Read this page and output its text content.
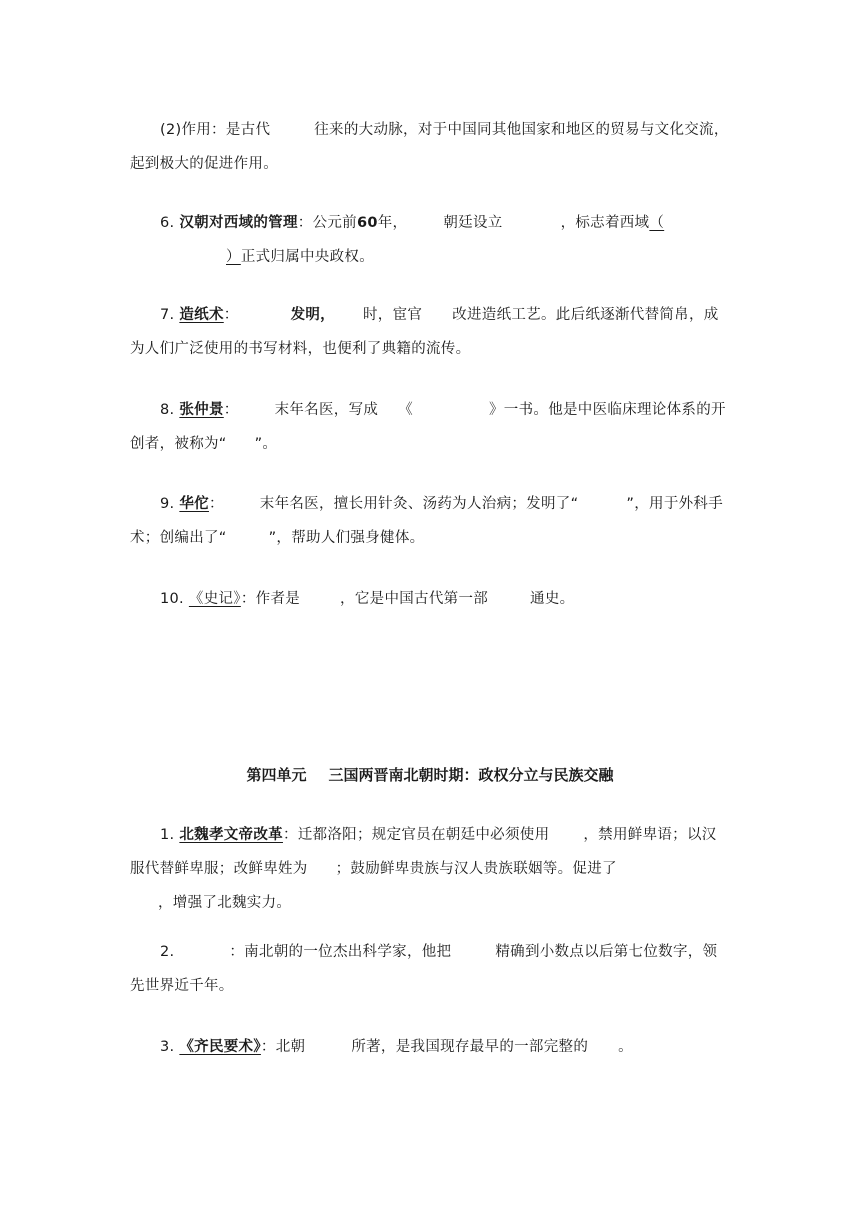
(2)作用：是古代	往来的大动脉，对于中国同其他国家和地区的贸易与文化交流，起到极大的促进作用。
6. 汉朝对西域的管理：公元前60年， 朝廷设立	，标志着西域（
）正式归属中央政权。
7. 造纸术：	发明， 时，宦官 改进造纸工艺。此后纸逐渐代替简帛，成为人们广泛使用的书写材料，也便利了典籍的流传。
8. 张仲景： 末年名医，写成 《	》一书。他是中医临床理论体系的开创者，被称为“ ”。
9. 华佗： 末年名医，擅长用针灸、汤药为人治病；发明了“	”，用于外科手术；创编出了“	”，帮助人们强身健体。
10. 《史记》：作者是	，它是中国古代第一部	通史。
第四单元 三国两晋南北朝时期：政权分立与民族交融
1. 北魏孝文帝改革：迁都洛阳；规定官员在朝廷中必须使用 ，禁用鲜卑语；以汉服代替鲜卑服；改鲜卑姓为 ；鼓励鲜卑贵族与汉人贵族联姻等。促进了
，增强了北魏实力。
2.	：南北朝的一位杰出科学家，他把	精确到小数点以后第七位数字，领先世界近千年。
3. 《齐民要术》：北朝	所著，是我国现存最早的一部完整的 。
